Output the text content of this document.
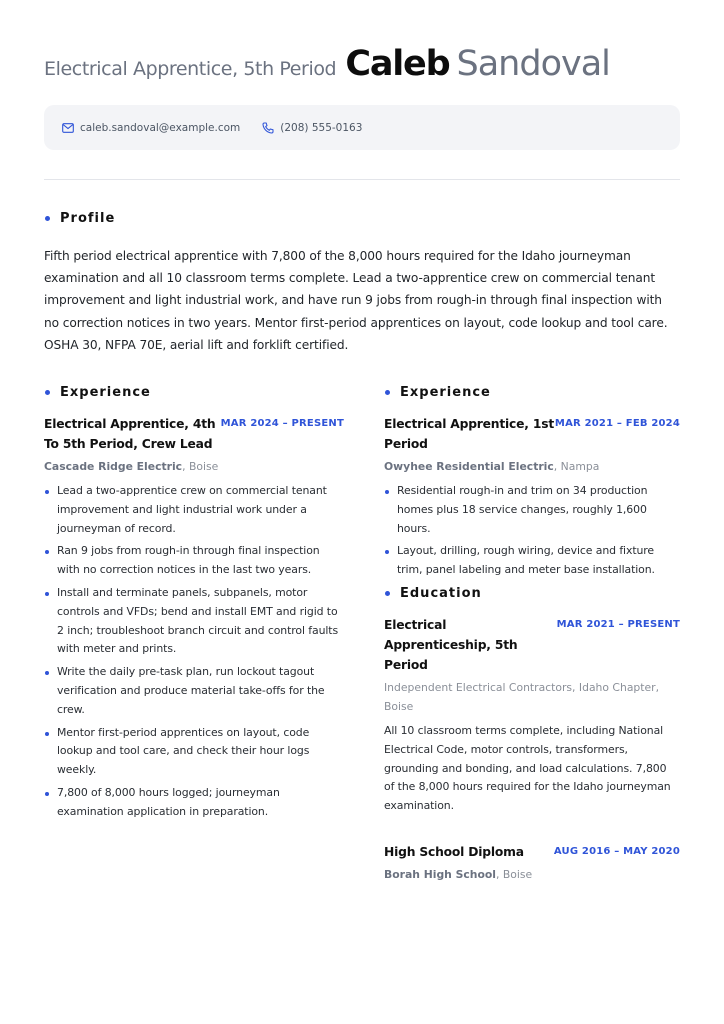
Electrical Apprentice, 5th Period Caleb Sandoval
caleb.sandoval@example.com	(208) 555-0163
Profile

Fifth period electrical apprentice with 7,800 of the 8,000 hours required for the Idaho journeyman examination and all 10 classroom terms complete. Lead a two-apprentice crew on commercial tenant improvement and light industrial work, and have run 9 jobs from rough-in through final inspection with no correction notices in two years. Mentor first-period apprentices on layout, code lookup and tool care. OSHA 30, NFPA 70E, aerial lift and forklift certified.

Experience
Electrical Apprentice, 4th To 5th Period, Crew Lead
MAR 2024 – PRESENT
Cascade Ridge Electric, Boise
Lead a two-apprentice crew on commercial tenant improvement and light industrial work under a journeyman of record.
Ran 9 jobs from rough-in through final inspection with no correction notices in the last two years.
Install and terminate panels, subpanels, motor controls and VFDs; bend and install EMT and rigid to 2 inch; troubleshoot branch circuit and control faults with meter and prints.
Write the daily pre-task plan, run lockout tagout verification and produce material take-offs for the crew.
Mentor first-period apprentices on layout, code lookup and tool care, and check their hour logs weekly.
7,800 of 8,000 hours logged; journeyman examination application in preparation.
Experience
Electrical Apprentice, 1st Period
MAR 2021 – FEB 2024
Owyhee Residential Electric, Nampa
Residential rough-in and trim on 34 production homes plus 18 service changes, roughly 1,600 hours.
Layout, drilling, rough wiring, device and fixture trim, panel labeling and meter base installation.
Education
Electrical Apprenticeship, 5th Period
MAR 2021 – PRESENT
Independent Electrical Contractors, Idaho Chapter, Boise
All 10 classroom terms complete, including National Electrical Code, motor controls, transformers, grounding and bonding, and load calculations. 7,800 of the 8,000 hours required for the Idaho journeyman examination.
High School Diploma	AUG 2016 – MAY 2020
Borah High School, Boise
